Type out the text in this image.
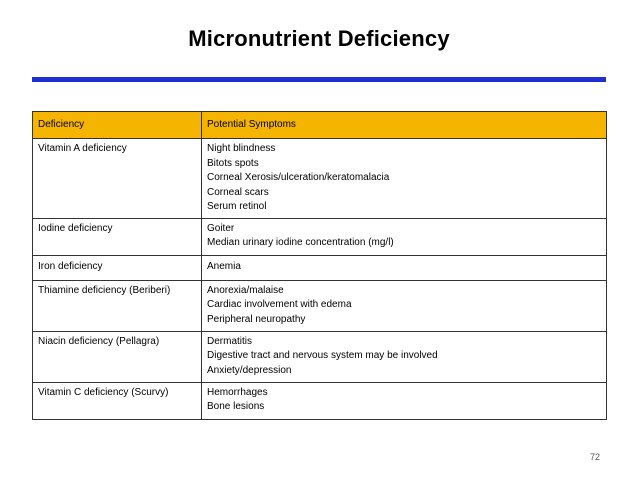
Micronutrient Deficiency
Deficiency	Potential Symptoms
Vitamin A deficiency	Night blindness
Bitots spots
Corneal Xerosis/ulceration/keratomalacia
Corneal scars
Serum retinol

Iodine deficiency	Goiter
Median urinary iodine concentration (mg/l)

Iron deficiency	Anemia

Thiamine deficiency (Beriberi)	Anorexia/malaise
Cardiac involvement with edema
Peripheral neuropathy

Niacin deficiency (Pellagra)	Dermatitis
Digestive tract and nervous system may be involved
Anxiety/depression

Vitamin C deficiency (Scurvy)	Hemorrhages
Bone lesions
72
